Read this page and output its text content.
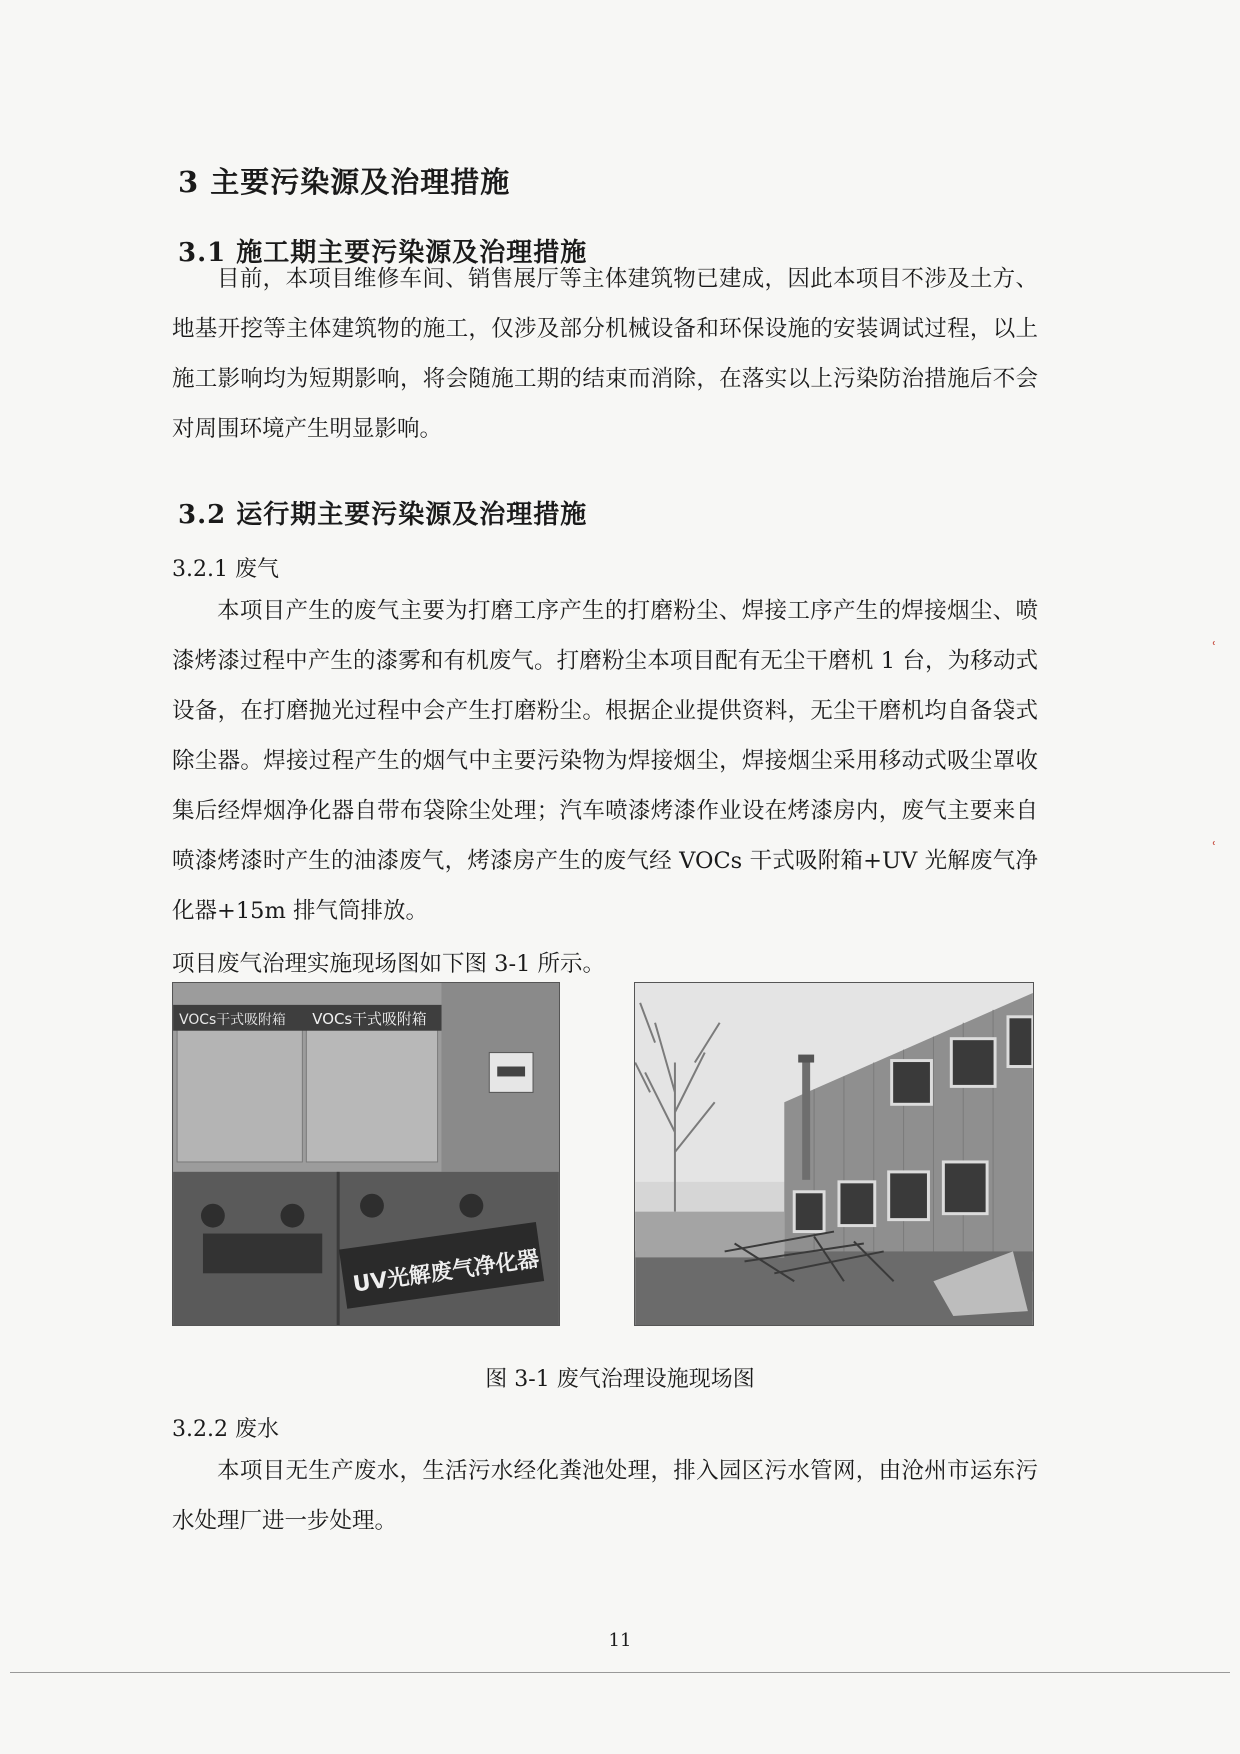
3 主要污染源及治理措施
3.1 施工期主要污染源及治理措施

目前，本项目维修车间、销售展厅等主体建筑物已建成，因此本项目不涉及土方、地基开挖等主体建筑物的施工，仅涉及部分机械设备和环保设施的安装调试过程，以上施工影响均为短期影响，将会随施工期的结束而消除，在落实以上污染防治措施后不会对周围环境产生明显影响。

3.2 运行期主要污染源及治理措施
3.2.1 废气

本项目产生的废气主要为打磨工序产生的打磨粉尘、焊接工序产生的焊接烟尘、喷漆烤漆过程中产生的漆雾和有机废气。打磨粉尘本项目配有无尘干磨机 1 台，为移动式设备，在打磨抛光过程中会产生打磨粉尘。根据企业提供资料，无尘干磨机均自备袋式除尘器。焊接过程产生的烟气中主要污染物为焊接烟尘，焊接烟尘采用移动式吸尘罩收集后经焊烟净化器自带布袋除尘处理；汽车喷漆烤漆作业设在烤漆房内，废气主要来自喷漆烤漆时产生的油漆废气，烤漆房产生的废气经 VOCs 干式吸附箱+UV 光解废气净化器+15m 排气筒排放。

项目废气治理实施现场图如下图 3-1 所示。
VOCs干式吸附箱 VOCs干式吸附箱
UV光解废气净化器
图 3-1 废气治理设施现场图
3.2.2 废水

本项目无生产废水，生活污水经化粪池处理，排入园区污水管网，由沧州市运东污水处理厂进一步处理。

11
ʿ
ʿ
